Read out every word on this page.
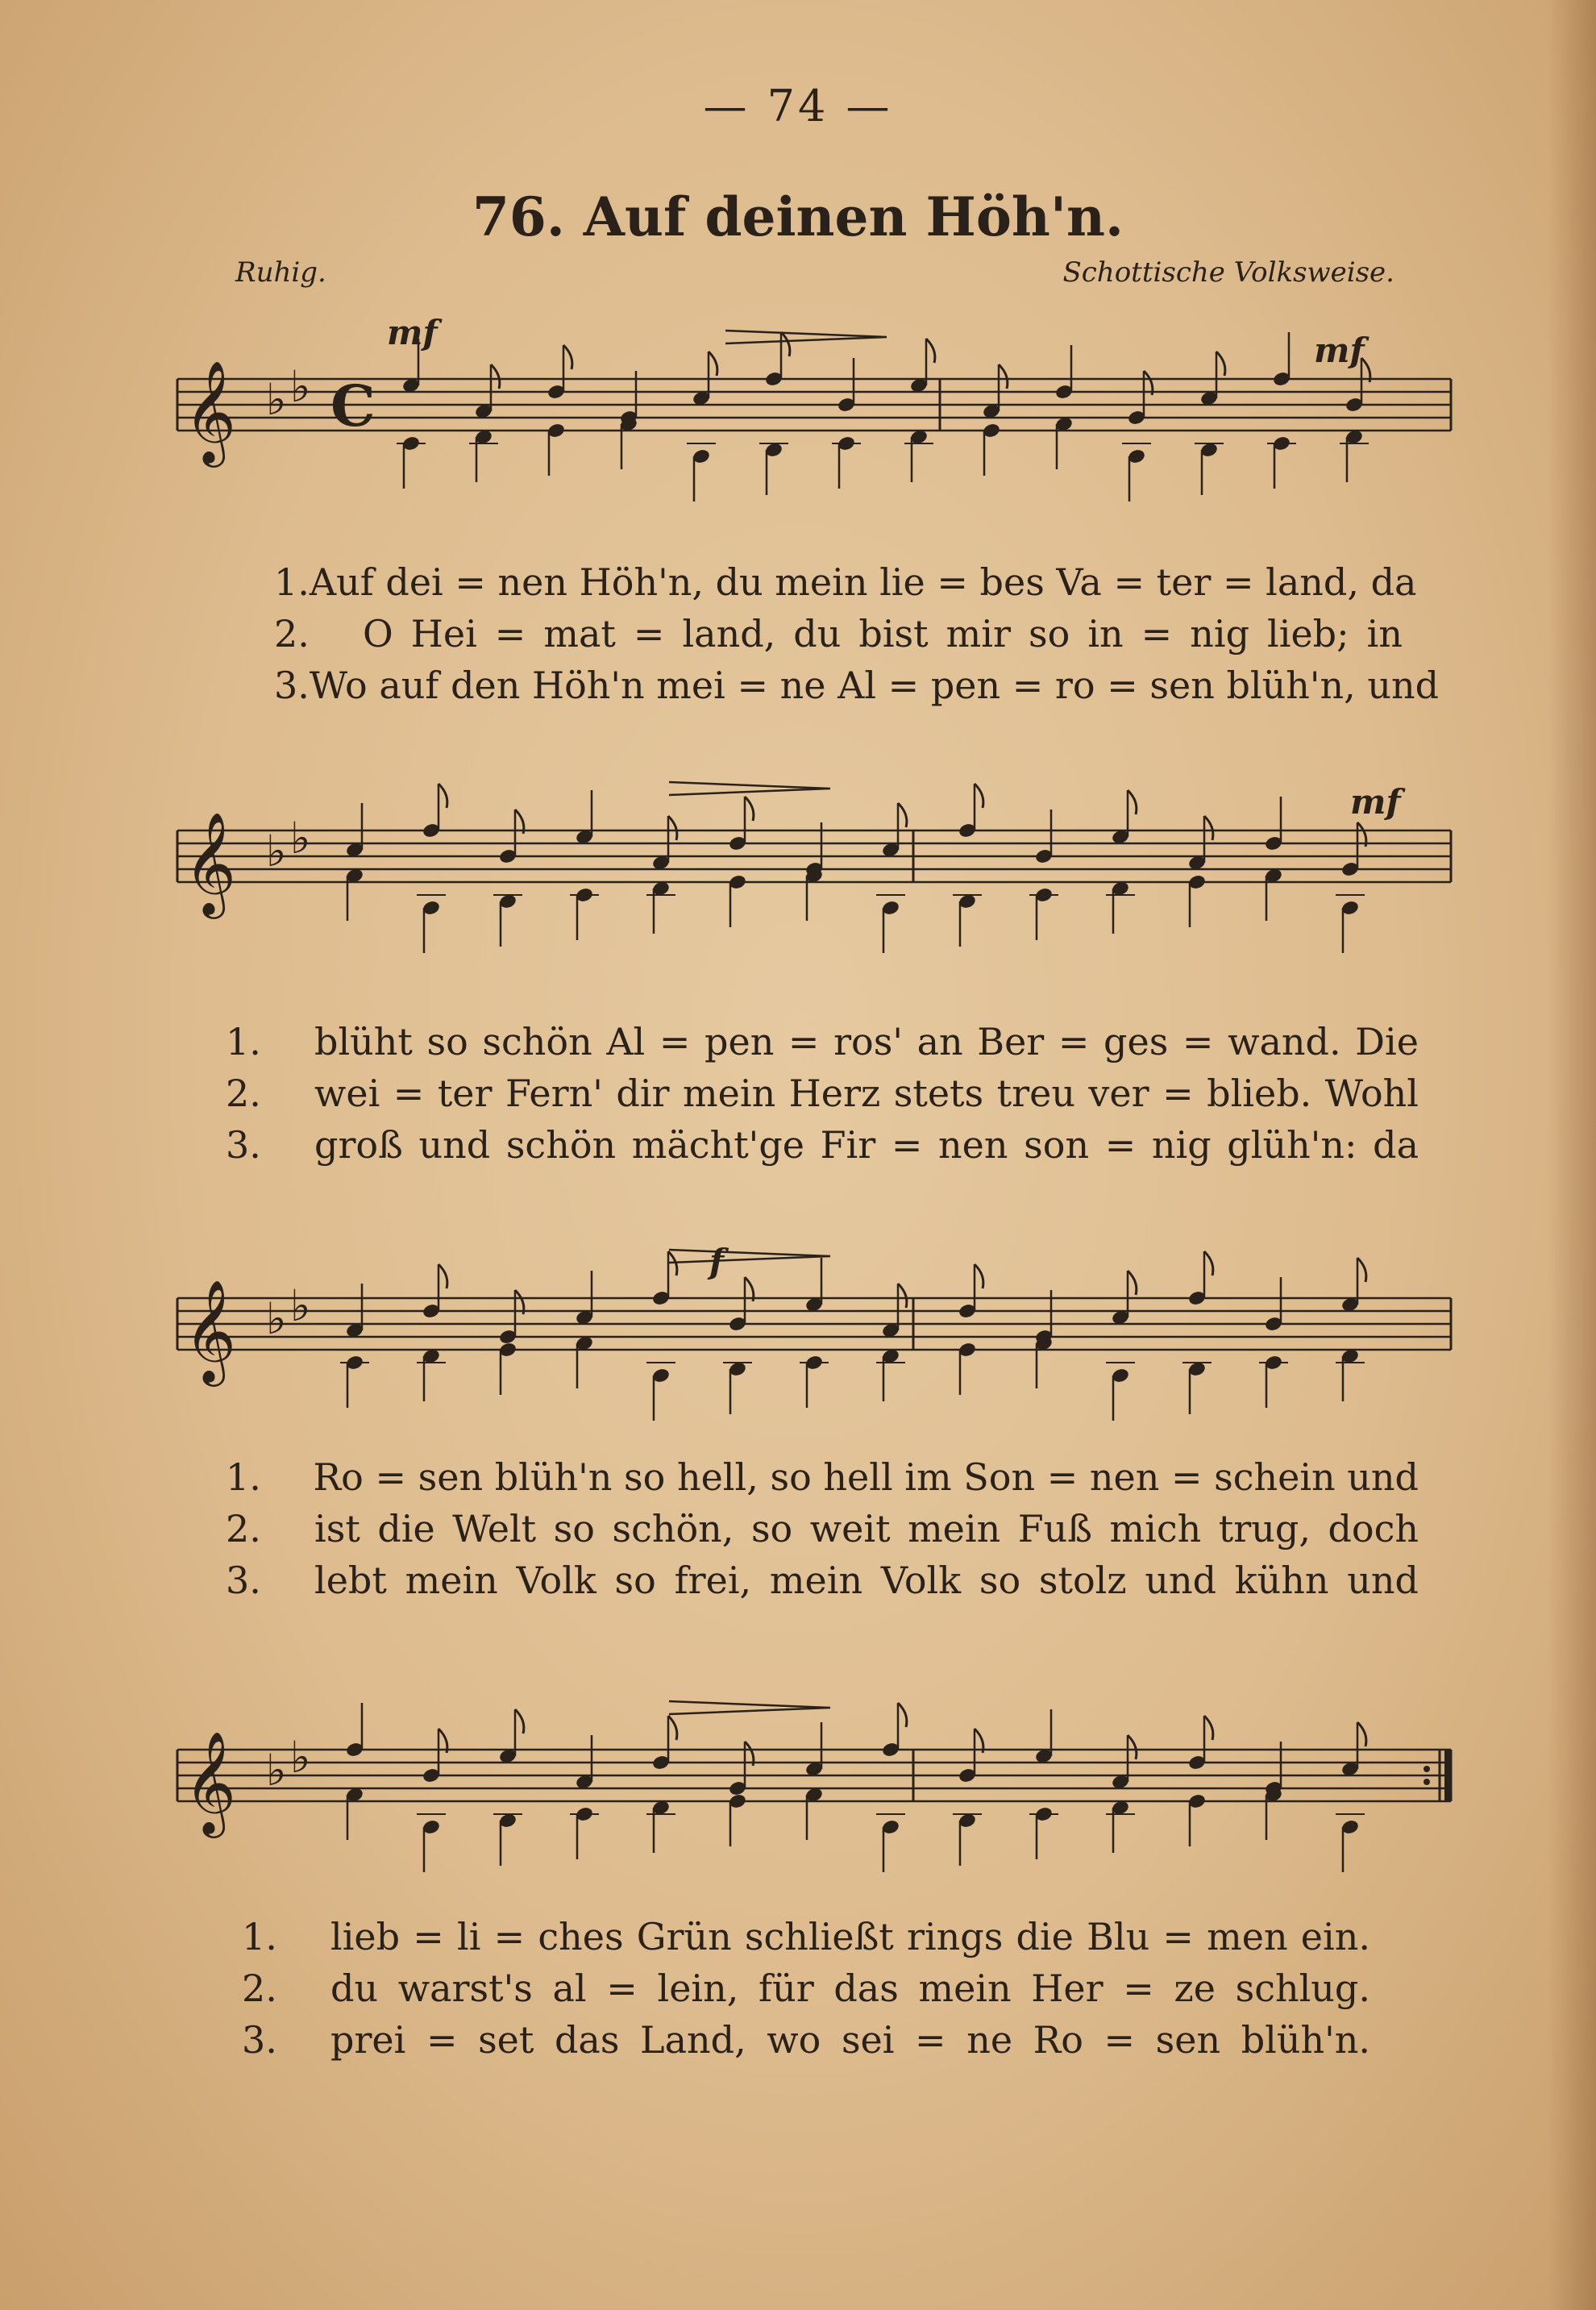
— 74 —
76. Auf deinen Höh'n.
Ruhig.	Schottische Volksweise.
𝄞 ♭ ♭ C
mf	mf
1. Auf dei = nen Höh'n, du mein lie = bes Va = ter = land, da
2.	O Hei = mat = land, du bist mir so in = nig lieb; in
3. Wo auf den Höh'n mei = ne Al = pen = ro = sen blüh'n, und
𝄞 ♭ ♭
mf
1.	blüht so schön Al = pen = ros' an Ber = ges = wand. Die
2.	wei = ter Fern' dir mein Herz stets treu ver = blieb. Wohl
3.	groß und schön mächt'ge Fir = nen son = nig glüh'n: da
𝄞 ♭ ♭
f
1.	Ro = sen blüh'n so hell, so hell im Son = nen = schein und
2.	ist die Welt so schön, so weit mein Fuß mich trug, doch
3.	lebt mein Volk so frei, mein Volk so stolz und kühn und
𝄞 ♭ ♭
1.	lieb = li = ches Grün schließt rings die Blu = men ein.
2.	du warst's al = lein, für das mein Her = ze schlug.
3.	prei = set das Land, wo sei = ne Ro = sen blüh'n.
